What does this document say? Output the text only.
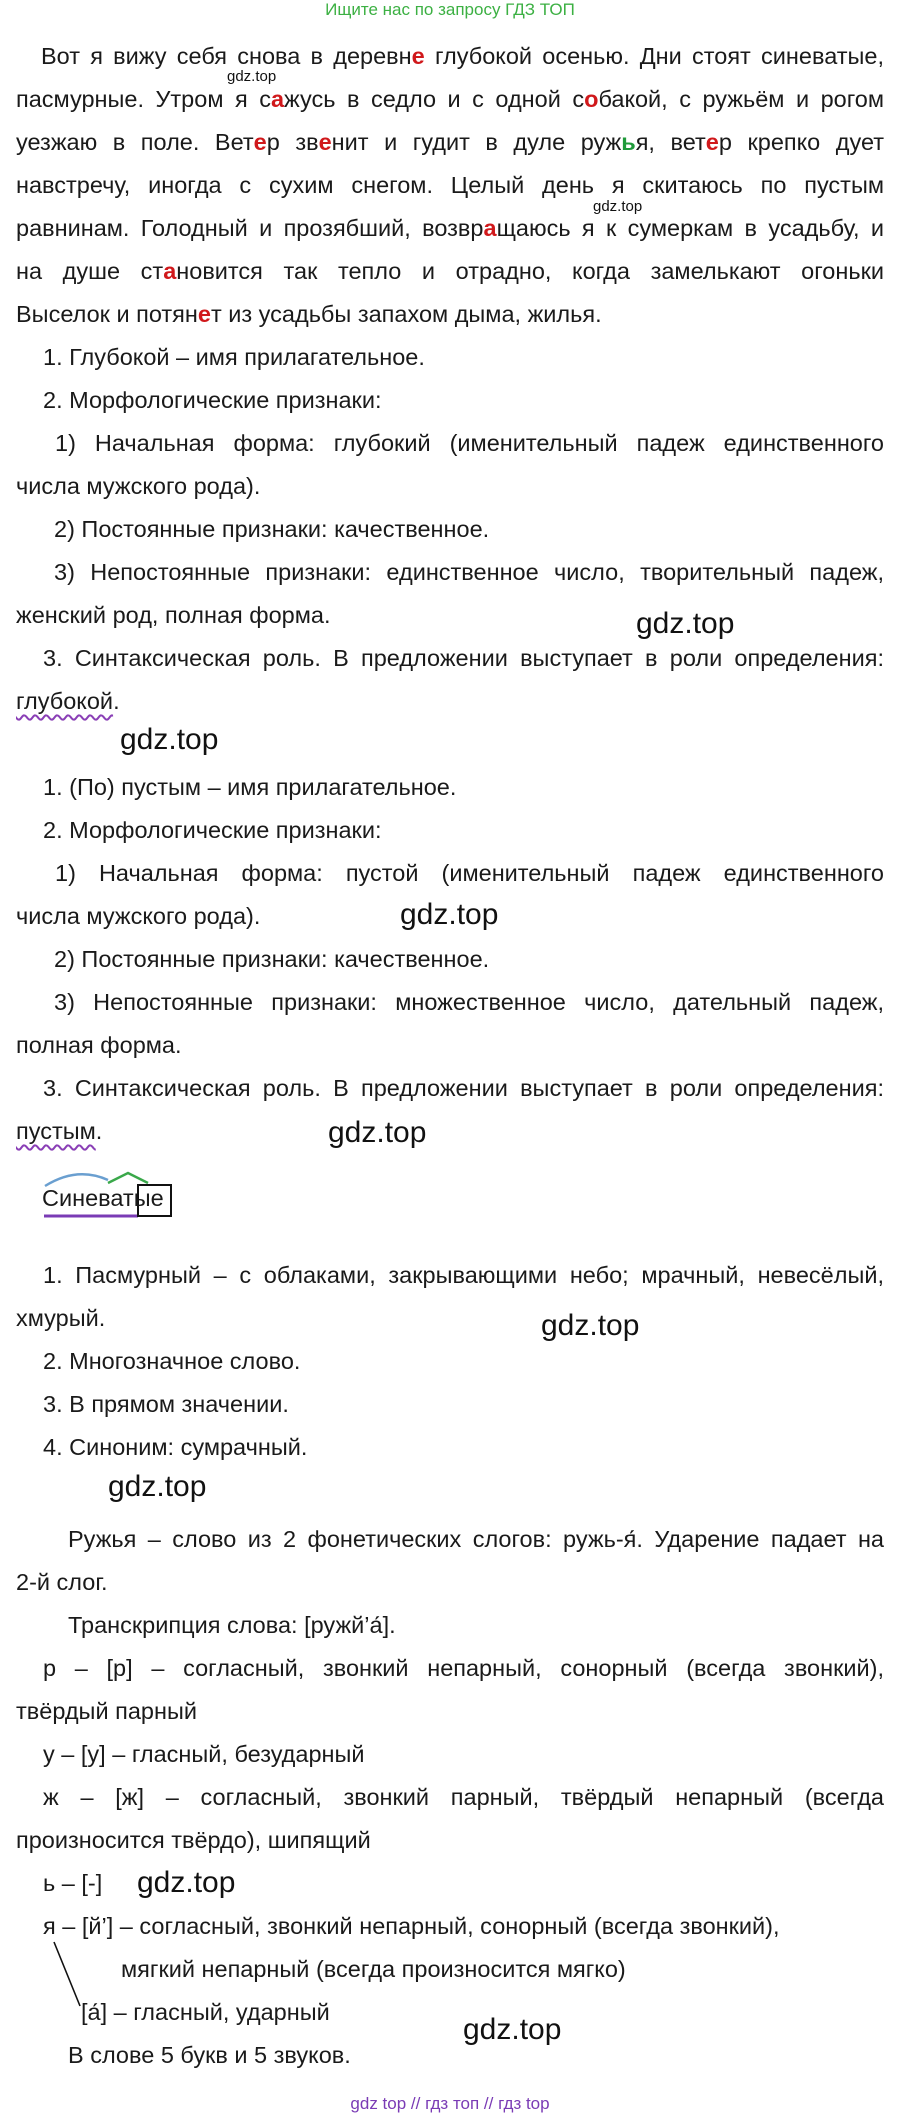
Ищите нас по запросу ГДЗ ТОП
Вот я вижу себя снова в деревне глубокой осенью. Дни стоят синеватые,
пасмурные. Утром я сажусь в седло и с одной собакой, с ружьём и рогом
уезжаю в поле. Ветер звенит и гудит в дуле ружья, ветер крепко дует
навстречу, иногда с сухим снегом. Целый день я скитаюсь по пустым
равнинам. Голодный и прозябший, возвращаюсь я к сумеркам в усадьбу, и
на душе становится так тепло и отрадно, когда замелькают огоньки
Выселок и потянет из усадьбы запахом дыма, жилья.
gdz.top
gdz.top
1. Глубокой – имя прилагательное.
2. Морфологические признаки:
1) Начальная форма: глубокий (именительный падеж единственного
числа мужского рода).
2) Постоянные признаки: качественное.
3) Непостоянные признаки: единственное число, творительный падеж,
женский род, полная форма.
3. Синтаксическая роль. В предложении выступает в роли определения:
глубокой.
gdz.top
gdz.top
1. (По) пустым – имя прилагательное.
2. Морфологические признаки:
1) Начальная форма: пустой (именительный падеж единственного
числа мужского рода).
2) Постоянные признаки: качественное.
3) Непостоянные признаки: множественное число, дательный падеж,
полная форма.
3. Синтаксическая роль. В предложении выступает в роли определения:
пустым.
gdz.top
gdz.top
Синеватые
1. Пасмурный – с облаками, закрывающими небо; мрачный, невесёлый,
хмурый.
2. Многозначное слово.
3. В прямом значении.
4. Синоним: сумрачный.
gdz.top
gdz.top
Ружья – слово из 2 фонетических слогов: ружь-я́. Ударение падает на
2-й слог.
Транскрипция слова: [ружй’а́].
р – [р] – согласный, звонкий непарный, сонорный (всегда звонкий),
твёрдый парный
у – [у] – гласный, безударный
ж – [ж] – согласный, звонкий парный, твёрдый непарный (всегда
произносится твёрдо), шипящий
ь – [-]
я – [й’] – согласный, звонкий непарный, сонорный (всегда звонкий),
мягкий непарный (всегда произносится мягко)
[а́] – гласный, ударный
В слове 5 букв и 5 звуков.
gdz.top
gdz.top
gdz top // гдз топ // гдз top
